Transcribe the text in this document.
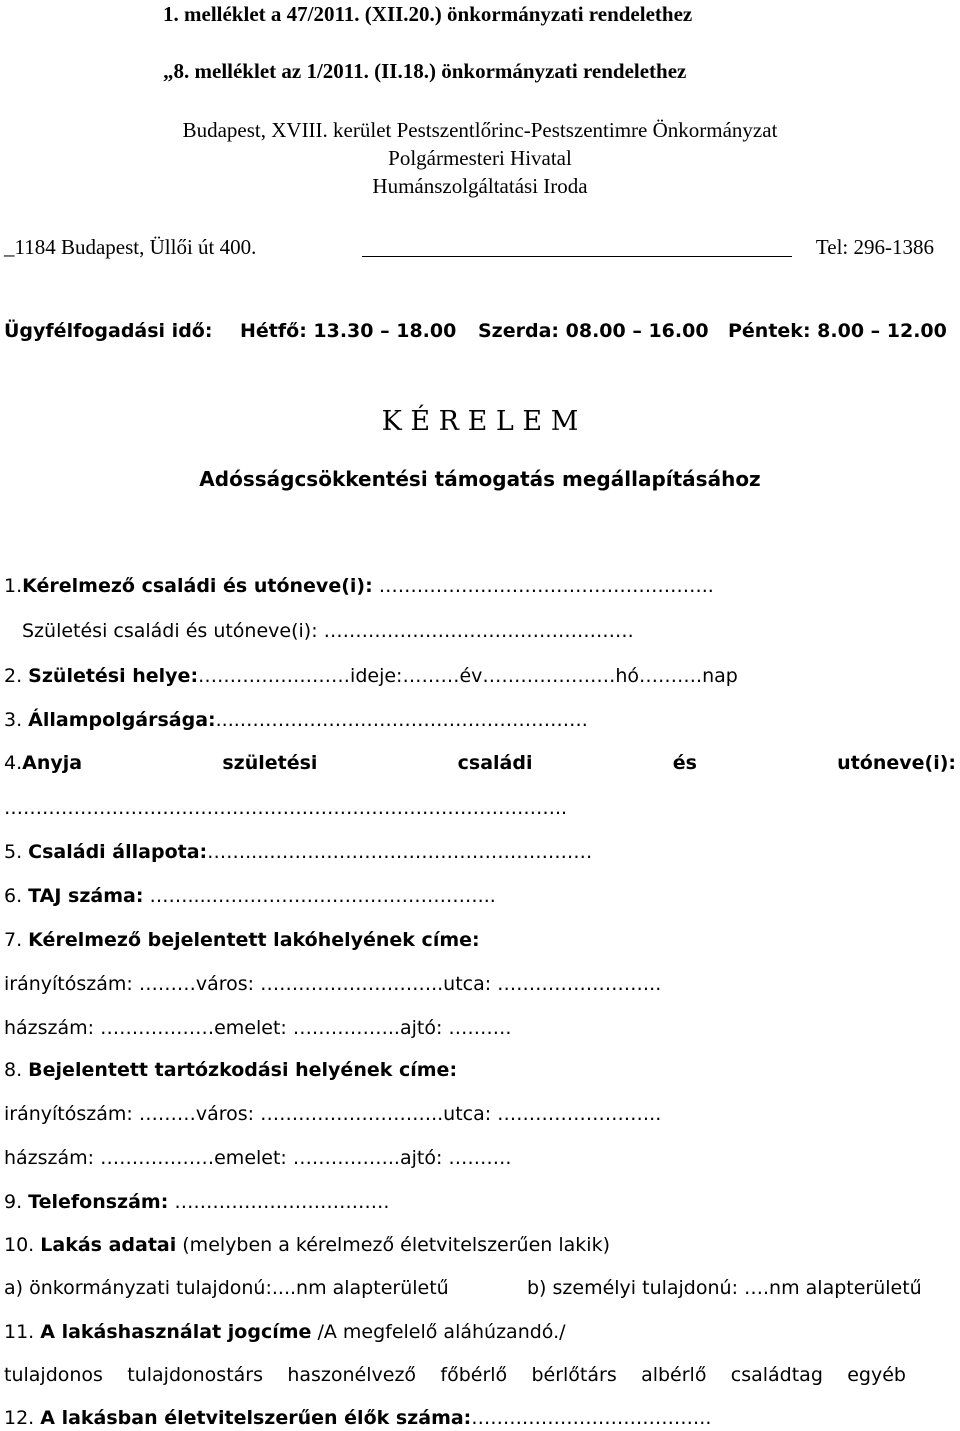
1. melléklet a 47/2011. (XII.20.) önkormányzati rendelethez
„8. melléklet az 1/2011. (II.18.) önkormányzati rendelethez
Budapest, XVIII. kerület Pestszentlőrinc-Pestszentimre Önkormányzat
Polgármesteri Hivatal
Humánszolgáltatási Iroda
_1184 Budapest, Üllői út 400.	Tel: 296-1386
Ügyfélfogadási idő: Hétfő: 13.30 – 18.00 Szerda: 08.00 – 16.00 Péntek: 8.00 – 12.00
K É R E L E M
Adósságcsökkentési támogatás megállapításához
1.Kérelmező családi és utóneve(i): ……………………………………………..
Születési családi és utóneve(i): ………………………………………….
2. Születési helye:……………………ideje:………év…………………hó……….nap
3. Állampolgársága:....……………………………………………….
4.Anyja	születési	családi	és	utóneve(i):
……………………………………………………………………………..
5. Családi állapota:……....……………………………………………
6. TAJ száma: ……....……………………………………...
7. Kérelmező bejelentett lakóhelyének címe:
irányítószám: ………város: ………………………..utca: ……………………..
házszám: ………………emelet: ……………..ajtó: ……….
8. Bejelentett tartózkodási helyének címe:
irányítószám: ………város: ………………………..utca: ……………………..
házszám: ………………emelet: ……………..ajtó: ……….
9. Telefonszám: …………………………….
10. Lakás adatai (melyben a kérelmező életvitelszerűen lakik)
a) önkormányzati tulajdonú:....nm alapterületű	b) személyi tulajdonú: ….nm alapterületű
11. A lakáshasználat jogcíme /A megfelelő aláhúzandó./
tulajdonos tulajdonostárs haszonélvező főbérlő bérlőtárs albérlő családtag egyéb
12. A lakásban életvitelszerűen élők száma:………………………………..
